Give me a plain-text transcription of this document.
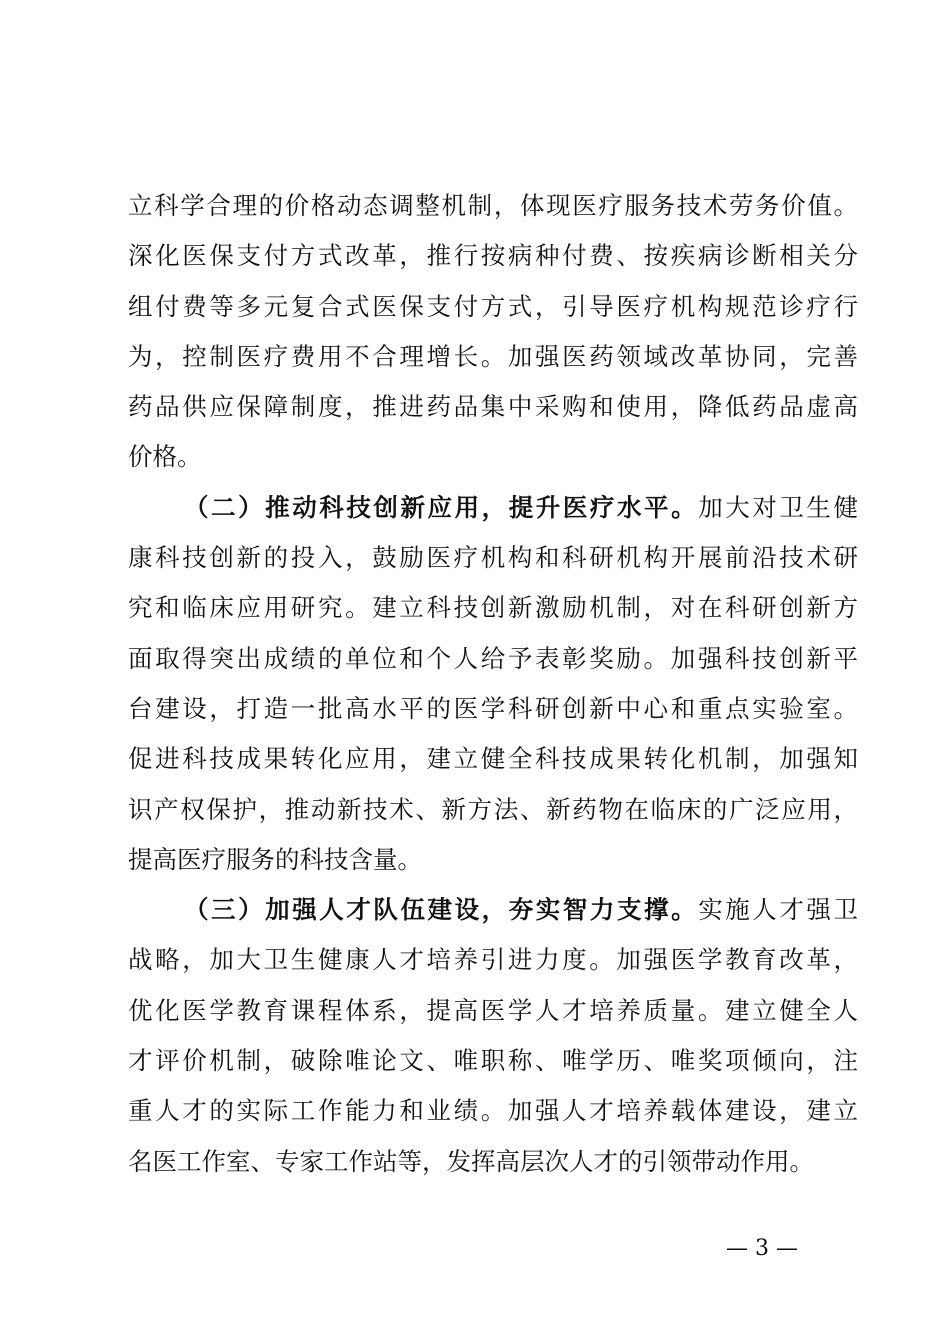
立科学合理的价格动态调整机制，体现医疗服务技术劳务价值。
深化医保支付方式改革，推行按病种付费、按疾病诊断相关分
组付费等多元复合式医保支付方式，引导医疗机构规范诊疗行
为，控制医疗费用不合理增长。加强医药领域改革协同，完善
药品供应保障制度，推进药品集中采购和使用，降低药品虚高
价格。
（二）推动科技创新应用，提升医疗水平。加大对卫生健
康科技创新的投入，鼓励医疗机构和科研机构开展前沿技术研
究和临床应用研究。建立科技创新激励机制，对在科研创新方
面取得突出成绩的单位和个人给予表彰奖励。加强科技创新平
台建设，打造一批高水平的医学科研创新中心和重点实验室。
促进科技成果转化应用，建立健全科技成果转化机制，加强知
识产权保护，推动新技术、新方法、新药物在临床的广泛应用，
提高医疗服务的科技含量。
（三）加强人才队伍建设，夯实智力支撑。实施人才强卫
战略，加大卫生健康人才培养引进力度。加强医学教育改革，
优化医学教育课程体系，提高医学人才培养质量。建立健全人
才评价机制，破除唯论文、唯职称、唯学历、唯奖项倾向，注
重人才的实际工作能力和业绩。加强人才培养载体建设，建立
名医工作室、专家工作站等，发挥高层次人才的引领带动作用。
— 3 —
